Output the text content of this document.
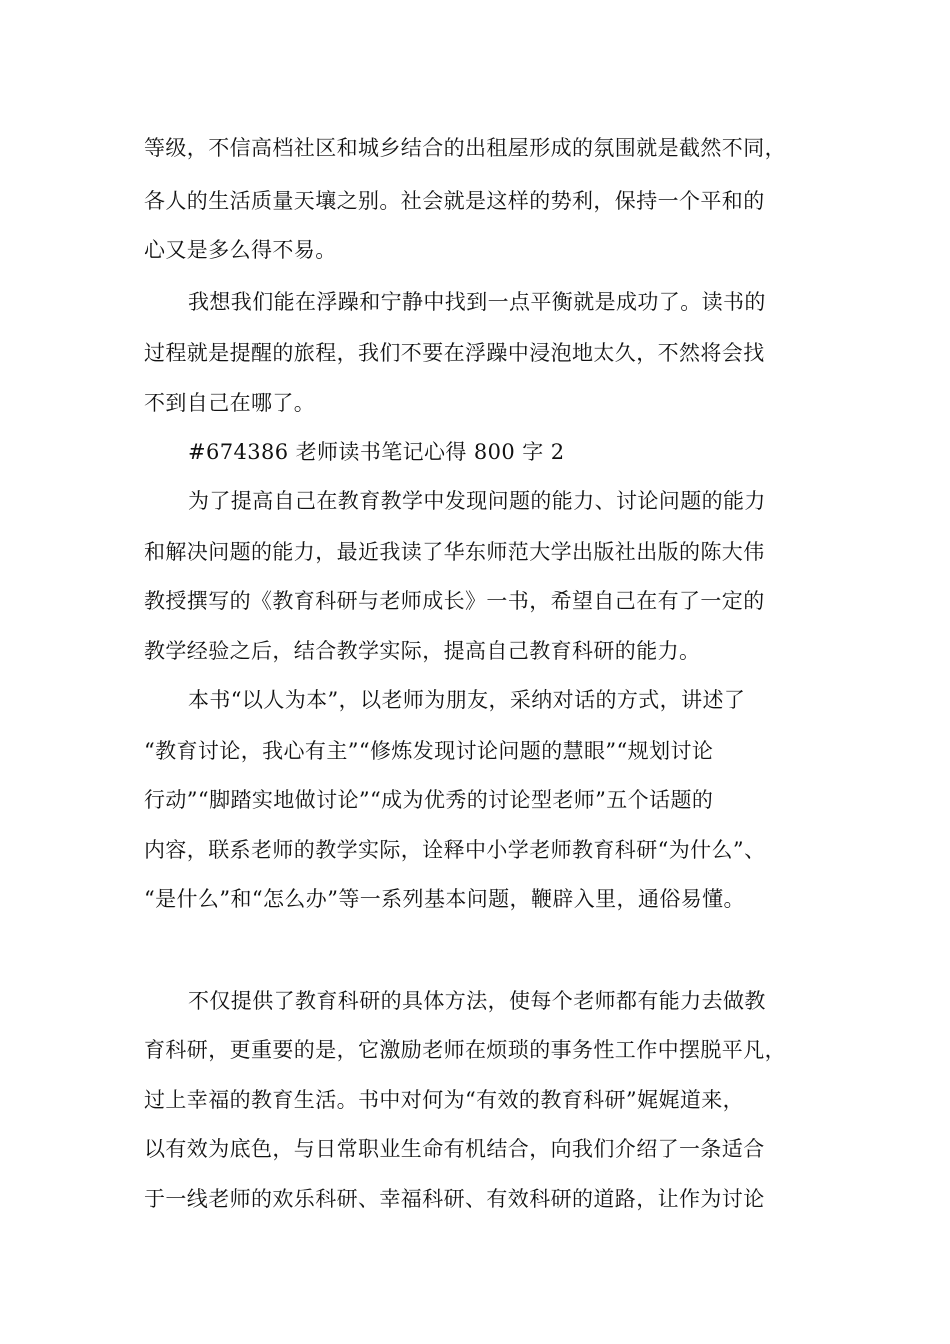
等级，不信高档社区和城乡结合的出租屋形成的氛围就是截然不同，
各人的生活质量天壤之别。社会就是这样的势利，保持一个平和的
心又是多么得不易。
我想我们能在浮躁和宁静中找到一点平衡就是成功了。读书的
过程就是提醒的旅程，我们不要在浮躁中浸泡地太久，不然将会找
不到自己在哪了。
#674386 老师读书笔记心得 800 字 2
为了提高自己在教育教学中发现问题的能力、讨论问题的能力
和解决问题的能力，最近我读了华东师范大学出版社出版的陈大伟
教授撰写的《教育科研与老师成长》一书，希望自己在有了一定的
教学经验之后，结合教学实际，提高自己教育科研的能力。
本书“以人为本”，以老师为朋友，采纳对话的方式，讲述了
“教育讨论，我心有主”“修炼发现讨论问题的慧眼”“规划讨论
行动”“脚踏实地做讨论”“成为优秀的讨论型老师”五个话题的
内容，联系老师的教学实际，诠释中小学老师教育科研“为什么”、
“是什么”和“怎么办”等一系列基本问题，鞭辟入里，通俗易懂。
不仅提供了教育科研的具体方法，使每个老师都有能力去做教
育科研，更重要的是，它激励老师在烦琐的事务性工作中摆脱平凡，
过上幸福的教育生活。书中对何为“有效的教育科研”娓娓道来，
以有效为底色，与日常职业生命有机结合，向我们介绍了一条适合
于一线老师的欢乐科研、幸福科研、有效科研的道路，让作为讨论
